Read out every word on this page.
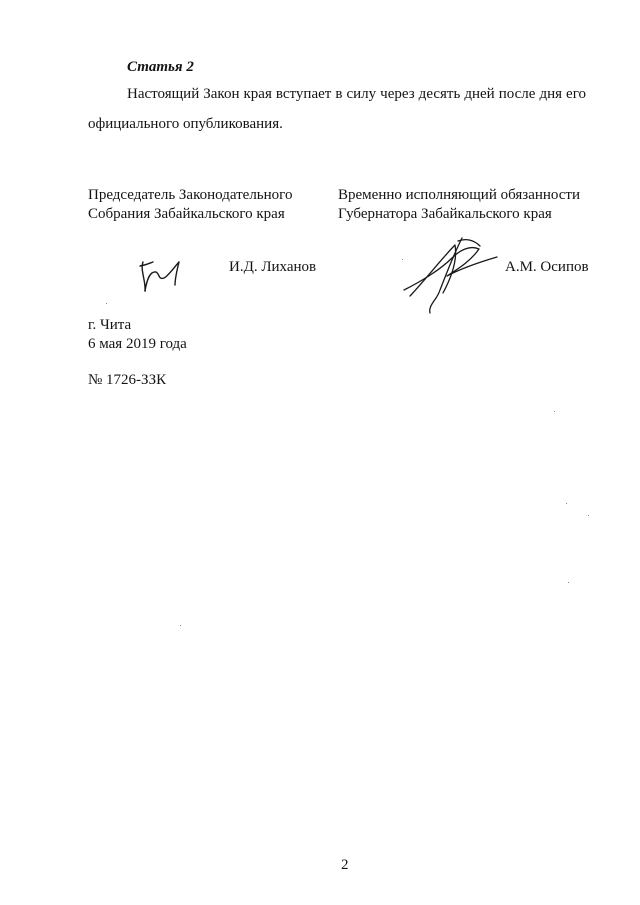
Статья 2
Настоящий Закон края вступает в силу через десять дней после дня его
официального опубликования.
Председатель Законодательного
Собрания Забайкальского края
И.Д. Лиханов
Временно исполняющий обязанности
Губернатора Забайкальского края
А.М. Осипов
г. Чита
6 мая 2019 года
№ 1726-ЗЗК
2
